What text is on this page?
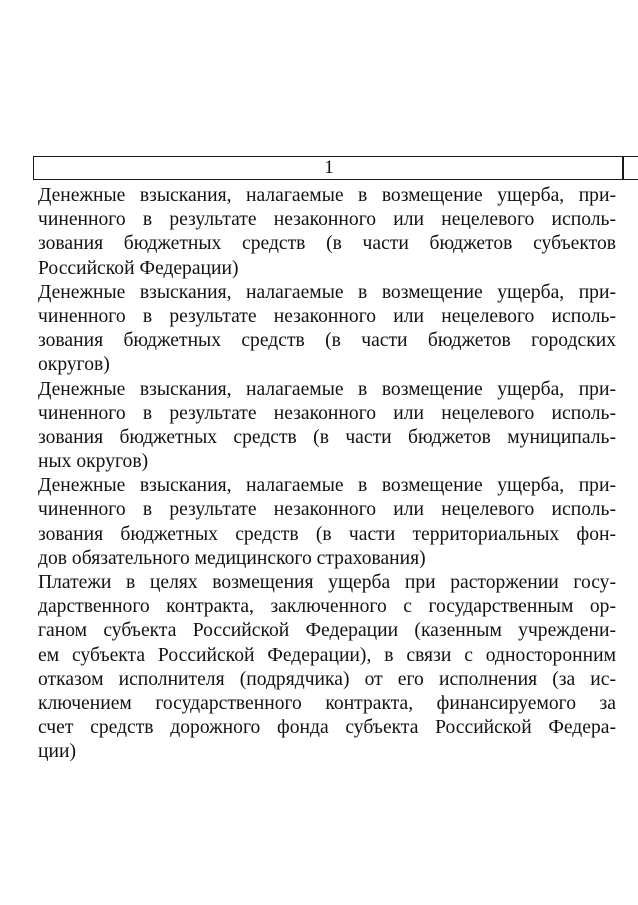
1
Денежные взыскания, налагаемые в возмещение ущерба, при-
чиненного в результате незаконного или нецелевого исполь-
зования бюджетных средств (в части бюджетов субъектов
Российской Федерации)
Денежные взыскания, налагаемые в возмещение ущерба, при-
чиненного в результате незаконного или нецелевого исполь-
зования бюджетных средств (в части бюджетов городских
округов)
Денежные взыскания, налагаемые в возмещение ущерба, при-
чиненного в результате незаконного или нецелевого исполь-
зования бюджетных средств (в части бюджетов муниципаль-
ных округов)
Денежные взыскания, налагаемые в возмещение ущерба, при-
чиненного в результате незаконного или нецелевого исполь-
зования бюджетных средств (в части территориальных фон-
дов обязательного медицинского страхования)
Платежи в целях возмещения ущерба при расторжении госу-
дарственного контракта, заключенного с государственным ор-
ганом субъекта Российской Федерации (казенным учреждени-
ем субъекта Российской Федерации), в связи с односторонним
отказом исполнителя (подрядчика) от его исполнения (за ис-
ключением государственного контракта, финансируемого за
счет средств дорожного фонда субъекта Российской Федера-
ции)
